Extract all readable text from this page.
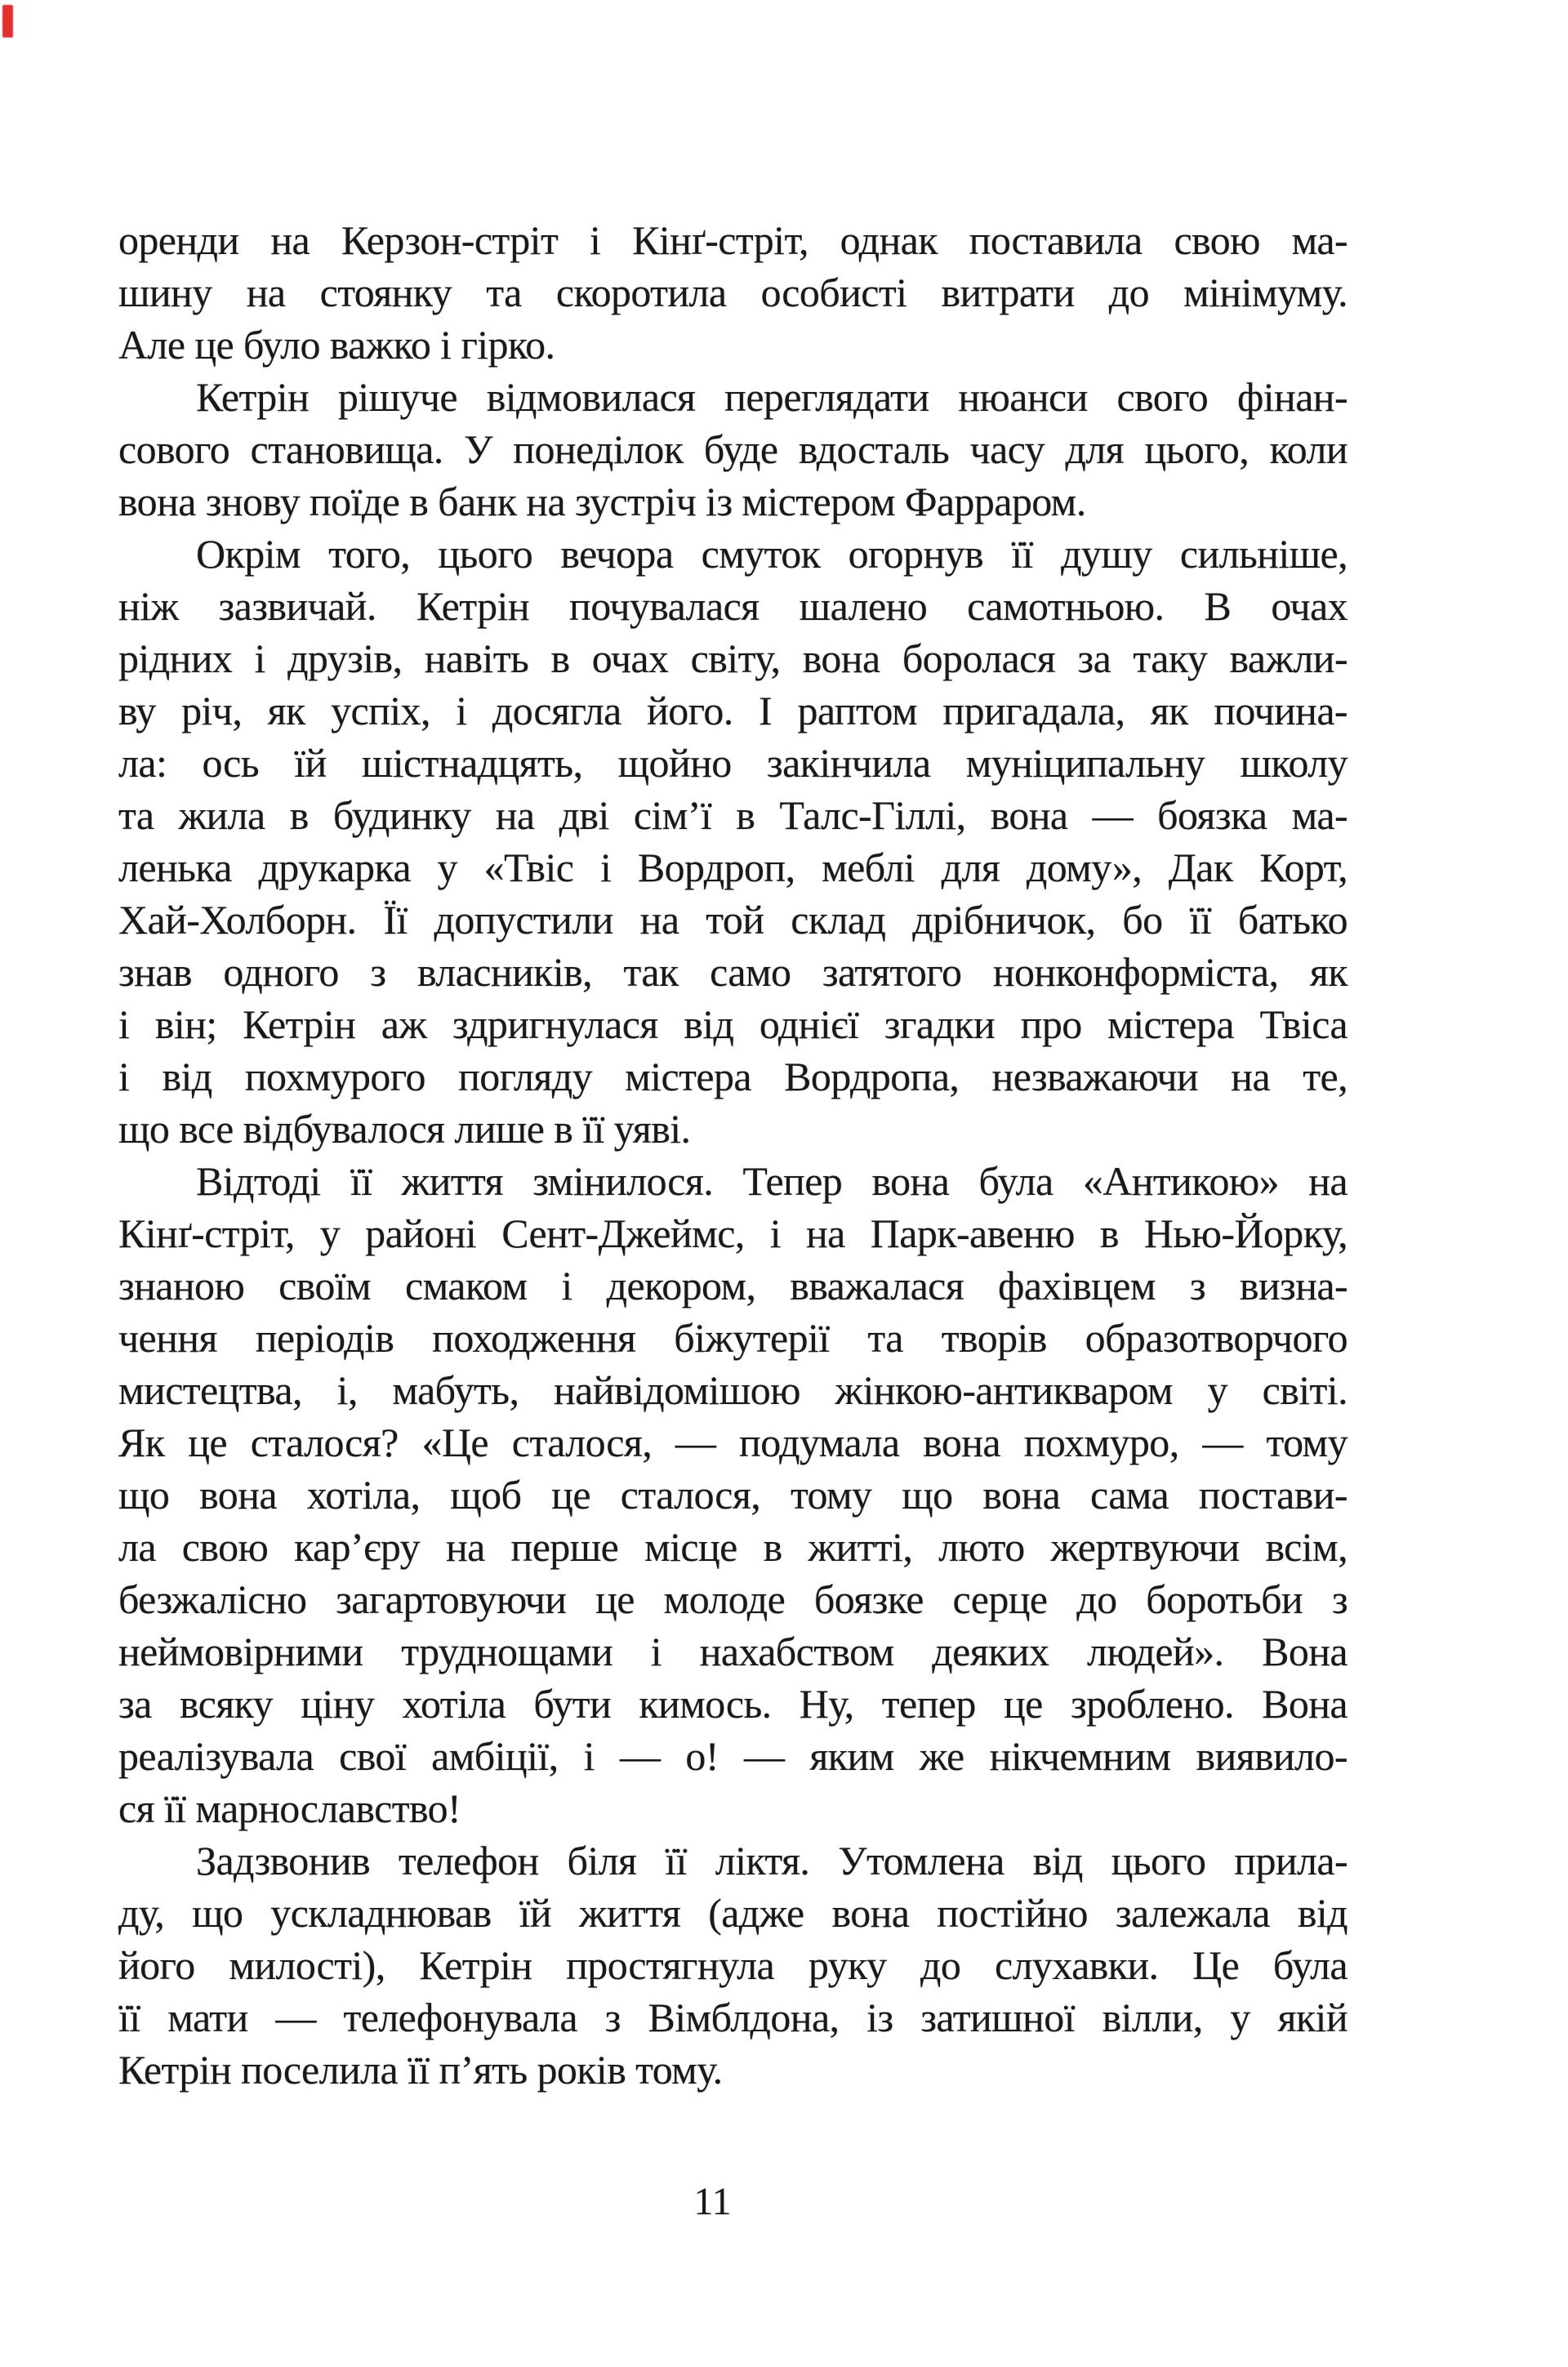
оренди на Керзон-стріт і Кінґ-стріт, однак поставила свою ма-
шину на стоянку та скоротила особисті витрати до мінімуму.
Але це було важко і гірко.
Кетрін рішуче відмовилася переглядати нюанси свого фінан-
сового становища. У понеділок буде вдосталь часу для цього, коли
вона знову поїде в банк на зустріч із містером Фарраром.
Окрім того, цього вечора смуток огорнув її душу сильніше,
ніж зазвичай. Кетрін почувалася шалено самотньою. В очах
рідних і друзів, навіть в очах світу, вона боролася за таку важли-
ву річ, як успіх, і досягла його. І раптом пригадала, як почина-
ла: ось їй шістнадцять, щойно закінчила муніципальну школу
та жила в будинку на дві сім’ї в Талс-Гіллі, вона — боязка ма-
ленька друкарка у «Твіс і Вордроп, меблі для дому», Дак Корт,
Хай-Холборн. Її допустили на той склад дрібничок, бо її батько
знав одного з власників, так само затятого нонконформіста, як
і він; Кетрін аж здригнулася від однієї згадки про містера Твіса
і від похмурого погляду містера Вордропа, незважаючи на те,
що все відбувалося лише в її уяві.
Відтоді її життя змінилося. Тепер вона була «Антикою» на
Кінґ-стріт, у районі Сент-Джеймс, і на Парк-авеню в Нью-Йорку,
знаною своїм смаком і декором, вважалася фахівцем з визна-
чення періодів походження біжутерії та творів образотворчого
мистецтва, і, мабуть, найвідомішою жінкою-антикваром у світі.
Як це сталося? «Це сталося, — подумала вона похмуро, — тому
що вона хотіла, щоб це сталося, тому що вона сама постави-
ла свою кар’єру на перше місце в житті, люто жертвуючи всім,
безжалісно загартовуючи це молоде боязке серце до боротьби з
неймовірними труднощами і нахабством деяких людей». Вона
за всяку ціну хотіла бути кимось. Ну, тепер це зроблено. Вона
реалізувала свої амбіції, і — о! — яким же нікчемним виявило-
ся її марнославство!
Задзвонив телефон біля її ліктя. Утомлена від цього прила-
ду, що ускладнював їй життя (адже вона постійно залежала від
його милості), Кетрін простягнула руку до слухавки. Це була
її мати — телефонувала з Вімблдона, із затишної вілли, у якій
Кетрін поселила її п’ять років тому.
11
